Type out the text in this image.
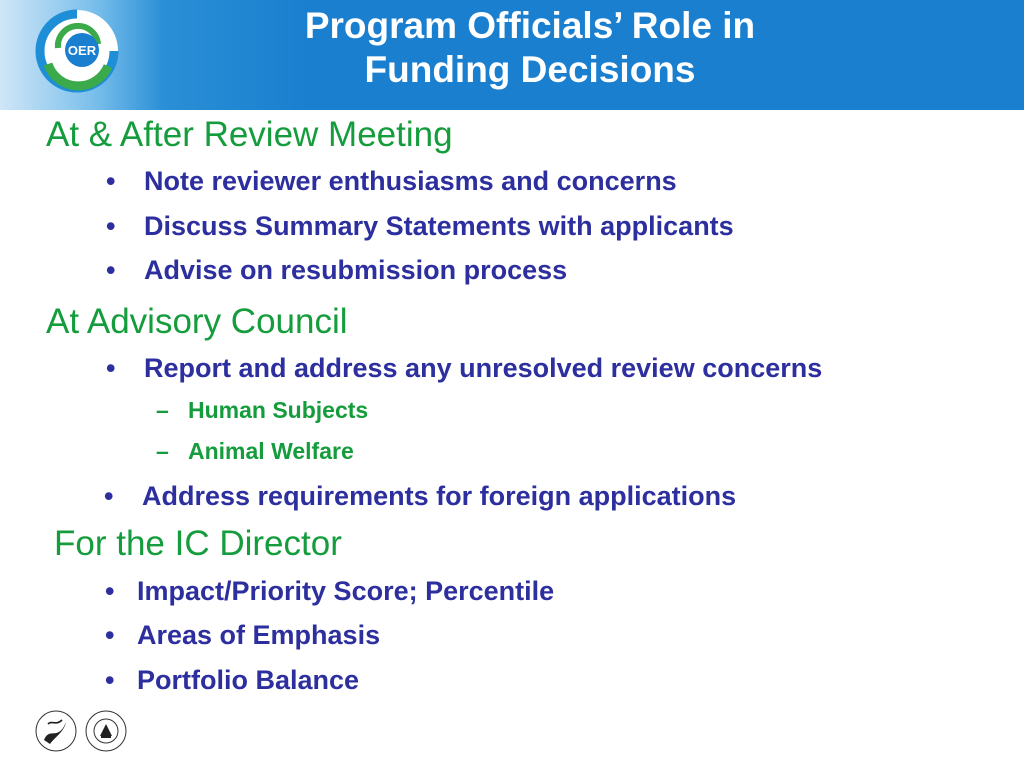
OER
Program Officials’ Role in
Funding Decisions
At & After Review Meeting
• Note reviewer enthusiasms and concerns
• Discuss Summary Statements with applicants
• Advise on resubmission process
At Advisory Council
• Report and address any unresolved review concerns
– Human Subjects
– Animal Welfare
• Address requirements for foreign applications
For the IC Director
• Impact/Priority Score; Percentile
• Areas of Emphasis
• Portfolio Balance
